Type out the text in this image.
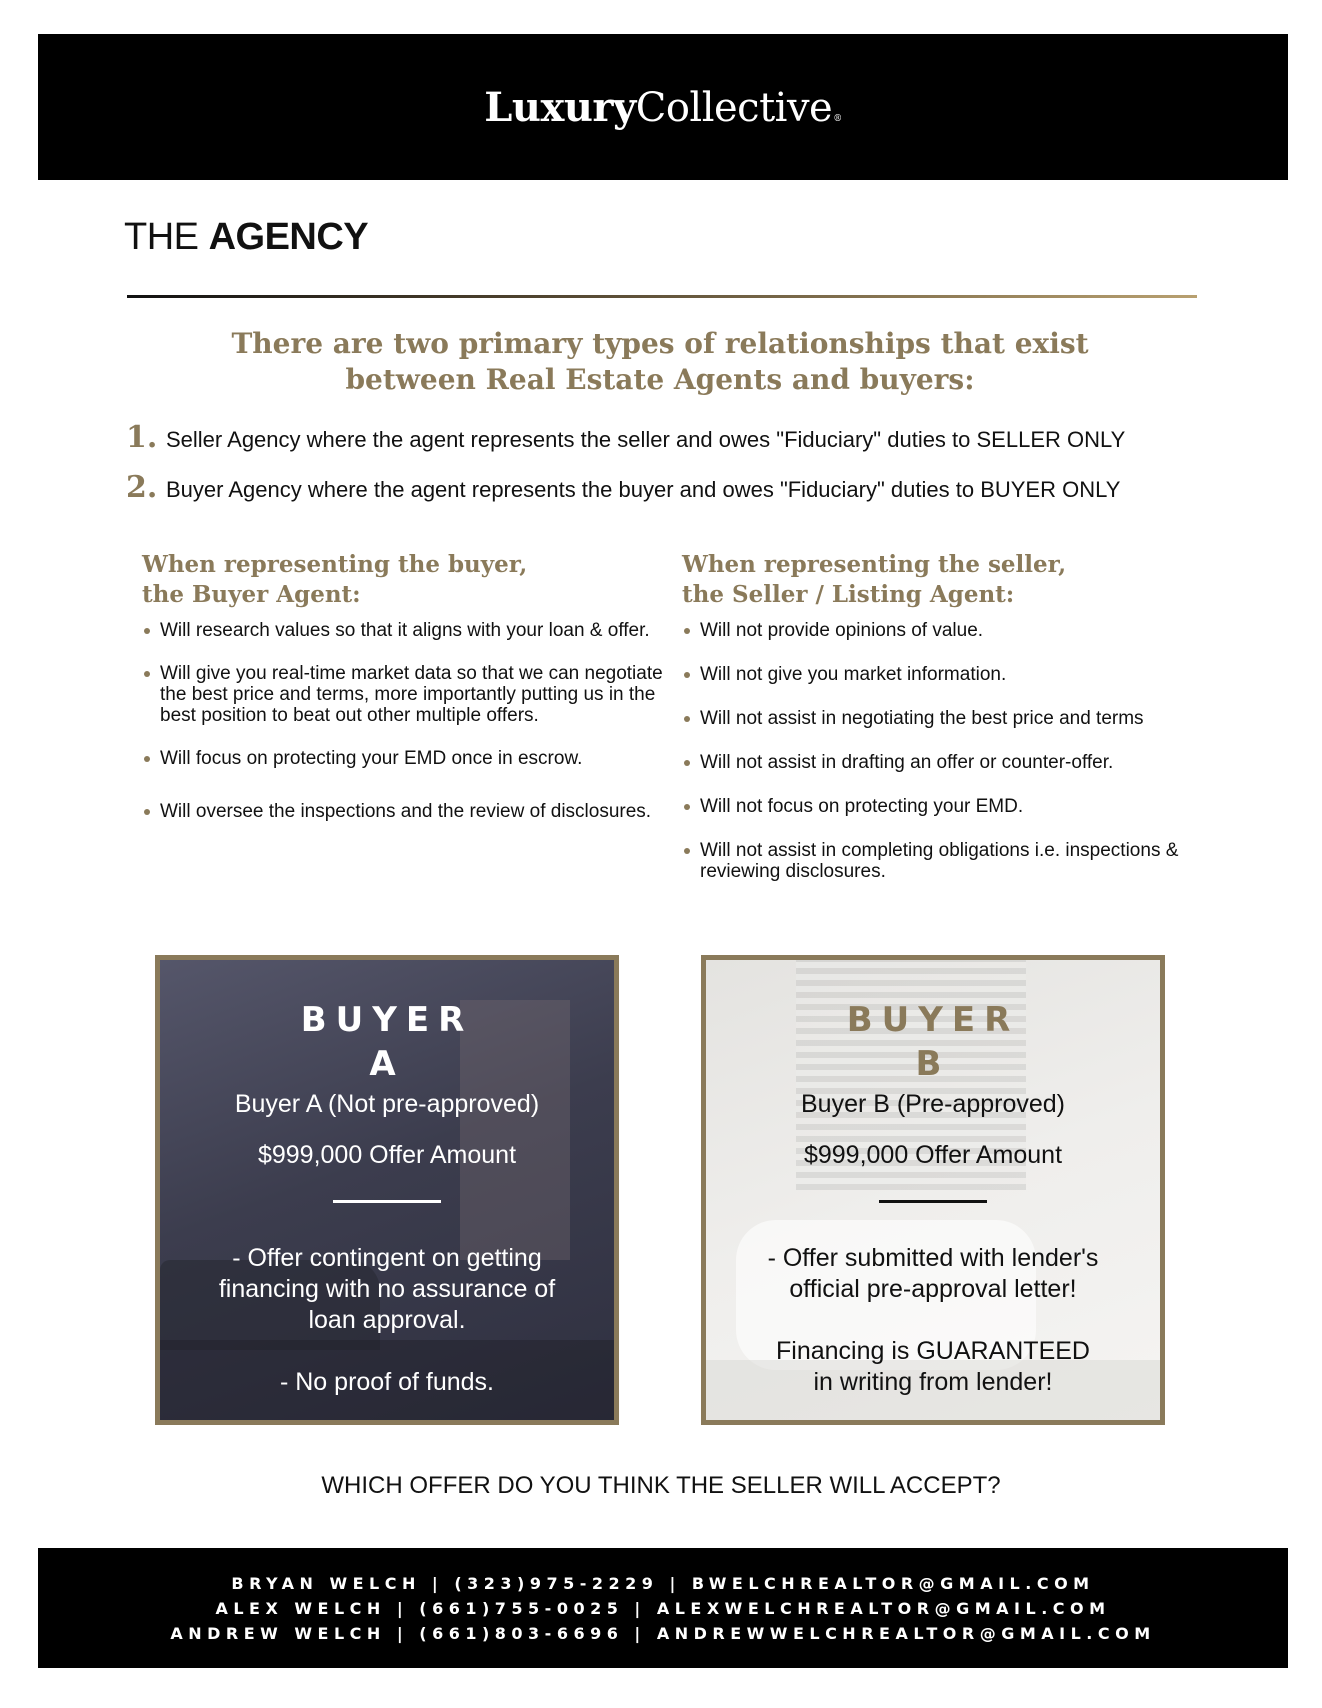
LuxuryCollective®
THE AGENCY
There are two primary types of relationships that exist
between Real Estate Agents and buyers:
1. Seller Agency where the agent represents the seller and owes "Fiduciary" duties to SELLER ONLY
2. Buyer Agency where the agent represents the buyer and owes "Fiduciary" duties to BUYER ONLY
When representing the buyer,
the Buyer Agent:
Will research values so that it aligns with your loan & offer.
Will give you real-time market data so that we can negotiate the best price and terms, more importantly putting us in the best position to beat out other multiple offers.
Will focus on protecting your EMD once in escrow.
Will oversee the inspections and the review of disclosures.
When representing the seller,
the Seller / Listing Agent:
Will not provide opinions of value.
Will not give you market information.
Will not assist in negotiating the best price and terms
Will not assist in drafting an offer or counter-offer.
Will not focus on protecting your EMD.
Will not assist in completing obligations i.e. inspections & reviewing disclosures.
BUYER
A
Buyer A (Not pre-approved)
$999,000 Offer Amount
- Offer contingent on getting
financing with no assurance of
loan approval.
- No proof of funds.
BUYER
B
Buyer B (Pre-approved)
$999,000 Offer Amount
- Offer submitted with lender's
official pre-approval letter!
Financing is GUARANTEED
in writing from lender!
WHICH OFFER DO YOU THINK THE SELLER WILL ACCEPT?
BRYAN WELCH | (323)975-2229 | BWELCHREALTOR@GMAIL.COM
ALEX WELCH | (661)755-0025 | ALEXWELCHREALTOR@GMAIL.COM
ANDREW WELCH | (661)803-6696 | ANDREWWELCHREALTOR@GMAIL.COM
